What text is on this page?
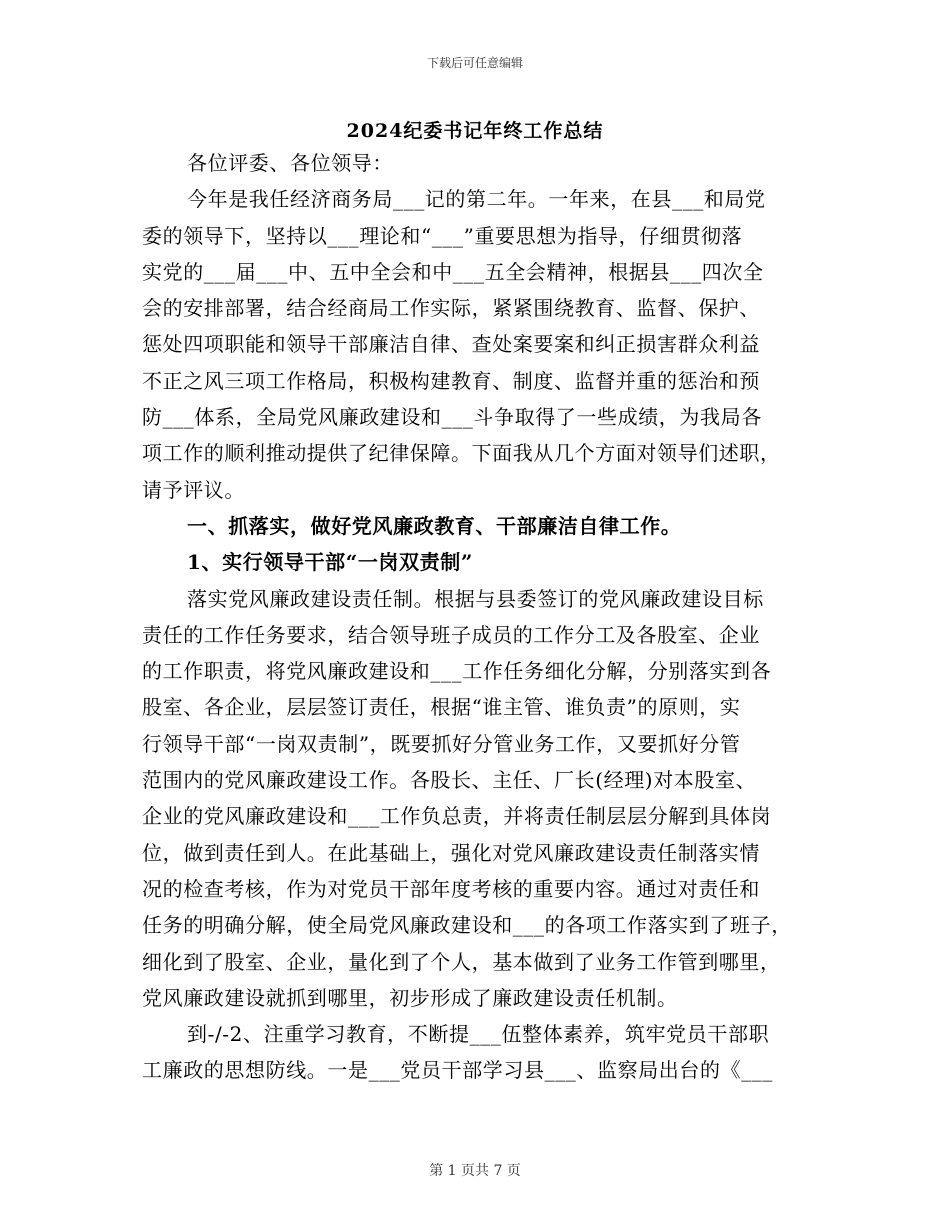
下载后可任意编辑
2024纪委书记年终工作总结
各位评委、各位领导：
今年是我任经济商务局___记的第二年。一年来，在县___和局党
委的领导下，坚持以___理论和“___”重要思想为指导，仔细贯彻落
实党的___届___中、五中全会和中___五全会精神，根据县___四次全
会的安排部署，结合经商局工作实际，紧紧围绕教育、监督、保护、
惩处四项职能和领导干部廉洁自律、查处案要案和纠正损害群众利益
不正之风三项工作格局，积极构建教育、制度、监督并重的惩治和预
防___体系，全局党风廉政建设和___斗争取得了一些成绩，为我局各
项工作的顺利推动提供了纪律保障。下面我从几个方面对领导们述职，
请予评议。
一、抓落实，做好党风廉政教育、干部廉洁自律工作。
1、实行领导干部“一岗双责制”
落实党风廉政建设责任制。根据与县委签订的党风廉政建设目标
责任的工作任务要求，结合领导班子成员的工作分工及各股室、企业
的工作职责，将党风廉政建设和___工作任务细化分解，分别落实到各
股室、各企业，层层签订责任，根据“谁主管、谁负责”的原则，实
行领导干部“一岗双责制”，既要抓好分管业务工作，又要抓好分管
范围内的党风廉政建设工作。各股长、主任、厂长(经理)对本股室、
企业的党风廉政建设和___工作负总责，并将责任制层层分解到具体岗
位，做到责任到人。在此基础上，强化对党风廉政建设责任制落实情
况的检查考核，作为对党员干部年度考核的重要内容。通过对责任和
任务的明确分解，使全局党风廉政建设和___的各项工作落实到了班子，
细化到了股室、企业，量化到了个人，基本做到了业务工作管到哪里，
党风廉政建设就抓到哪里，初步形成了廉政建设责任机制。
到-/-2、注重学习教育，不断提___伍整体素养，筑牢党员干部职
工廉政的思想防线。一是___党员干部学习县___、监察局出台的《___
第 1 页共 7 页
